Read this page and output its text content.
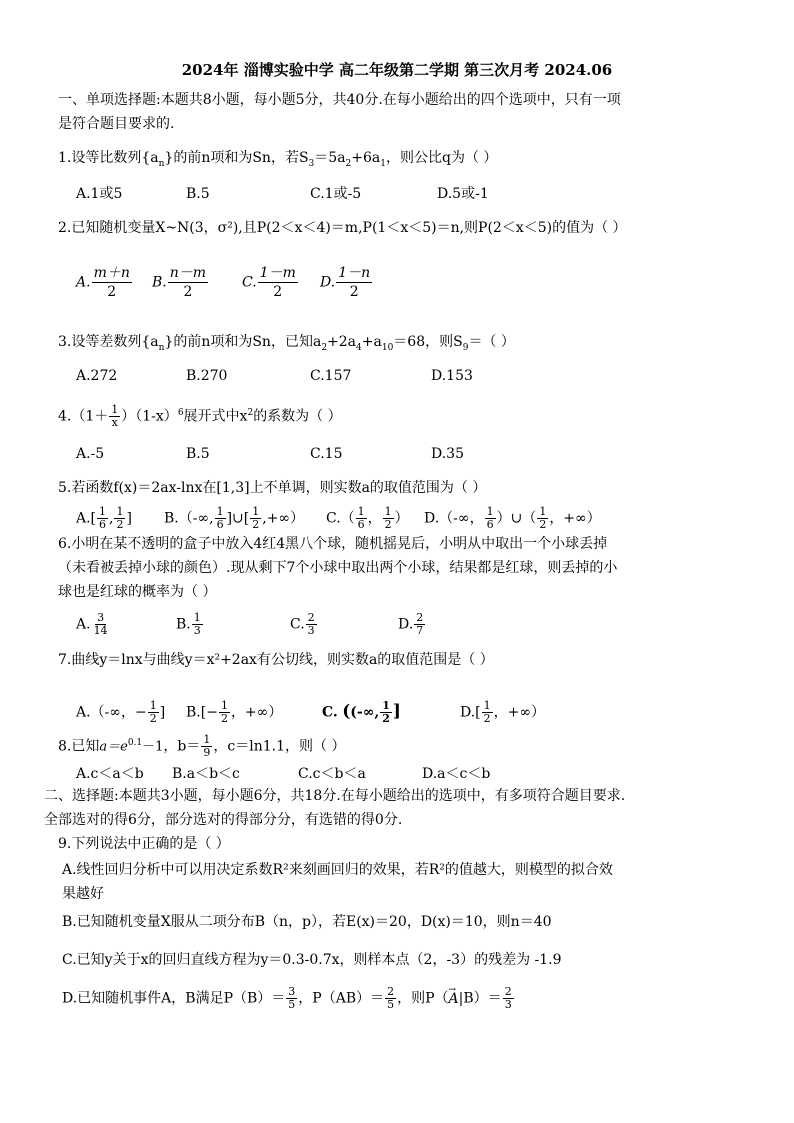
2024年 淄博实验中学 高二年级第二学期 第三次月考 2024.06
一、单项选择题:本题共8小题，每小题5分，共40分.在每小题给出的四个选项中，只有一项
是符合题目要求的.
1.设等比数列$\{a_n\}$的前n项和为Sn，若$S_3=5a_2+6a_1$，则公比q为（ ）
A.1或5	B.5	C.1或-5	D.5或-1
2.已知随机变量X~N(3，σ²),且P(2＜x＜4)＝m,P(1＜x＜5)＝n,则P(2＜x＜5)的值为（ ）
A. $\frac{m+n}{2} B$. $\frac{n-m}{2} C$. $\frac{1-m}{2} D$. $\frac{1-n}{2}$
3.设等差数列$\{a_n\}$的前n项和为Sn，已知$a_2+2a_4+a_{10}=68$，则$S_9=$（ ）
A.272	B.270	C.157	D.153
$4.(1+ \frac{1}{x} )(1-x)^6$展开式中$x^2$的系数为（ ）
A.-5	B.5	C.15	D.35
5.若函数f(x)＝2ax-lnx在[1,3]上不单调，则实数a的取值范围为（ ）
$A.[ \frac{1}{6}$ , $\frac{1}{2}$ ] B.（-∞, $\frac{1}{6}$ ]∪[ $\frac{1}{2}$ ,+∞） $C.( \frac{1}{6}$ ， $\frac{1}{2}$ ） D.（-∞， $\frac{1}{6}$ ）∪（ $\frac{1}{2}$ ，+∞）
6.小明在某不透明的盒子中放入4红4黑八个球，随机摇晃后，小明从中取出一个小球丢掉
（未看被丢掉小球的颜色）.现从剩下7个小球中取出两个小球，结果都是红球，则丢掉的小
球也是红球的概率为（ ）
A. $\frac{3}{14}$	B. $\frac{1}{3}$	C. $\frac{2}{3}$	D. $\frac{2}{7}$
7.曲线y＝lnx与曲线y＝x²+2ax有公切线，则实数a的取值范围是（ ）
A.（-∞，− $\frac{1}{2}$ ] $B.[- \frac{1}{2}$ ，+∞）	C. ((-∞, $\frac{1}{2}$ ]	$D.[ \frac{1}{2}$ ，+∞）
8.已知$a=e^{0.1}-1$，$b= \frac{1}{9}$ ，c＝ln1.1，则（ ）
A.c＜a＜b B.a＜b＜c	C.c＜b＜a	D.a＜c＜b
二、选择题:本题共3小题，每小题6分，共18分.在每小题给出的选项中，有多项符合题目要求.
全部选对的得6分，部分选对的得部分分，有选错的得0分.
9.下列说法中正确的是（ ）
A.线性回归分析中可以用决定系数R²来刻画回归的效果，若R²的值越大，则模型的拟合效
果越好
B.已知随机变量X服从二项分布B（n，p），若E(x)＝20，D(x)＝10，则n＝40
C.已知y关于x的回归直线方程为y＝0.3-0.7x，则样本点（2，-3）的残差为 -1.9
D.已知随机事件A，B满足$P(B)= \frac{3}{5}$ ，$P(AB)= \frac{2}{5}$ ，则$P(\to A|B)= \frac{2}{3}$
